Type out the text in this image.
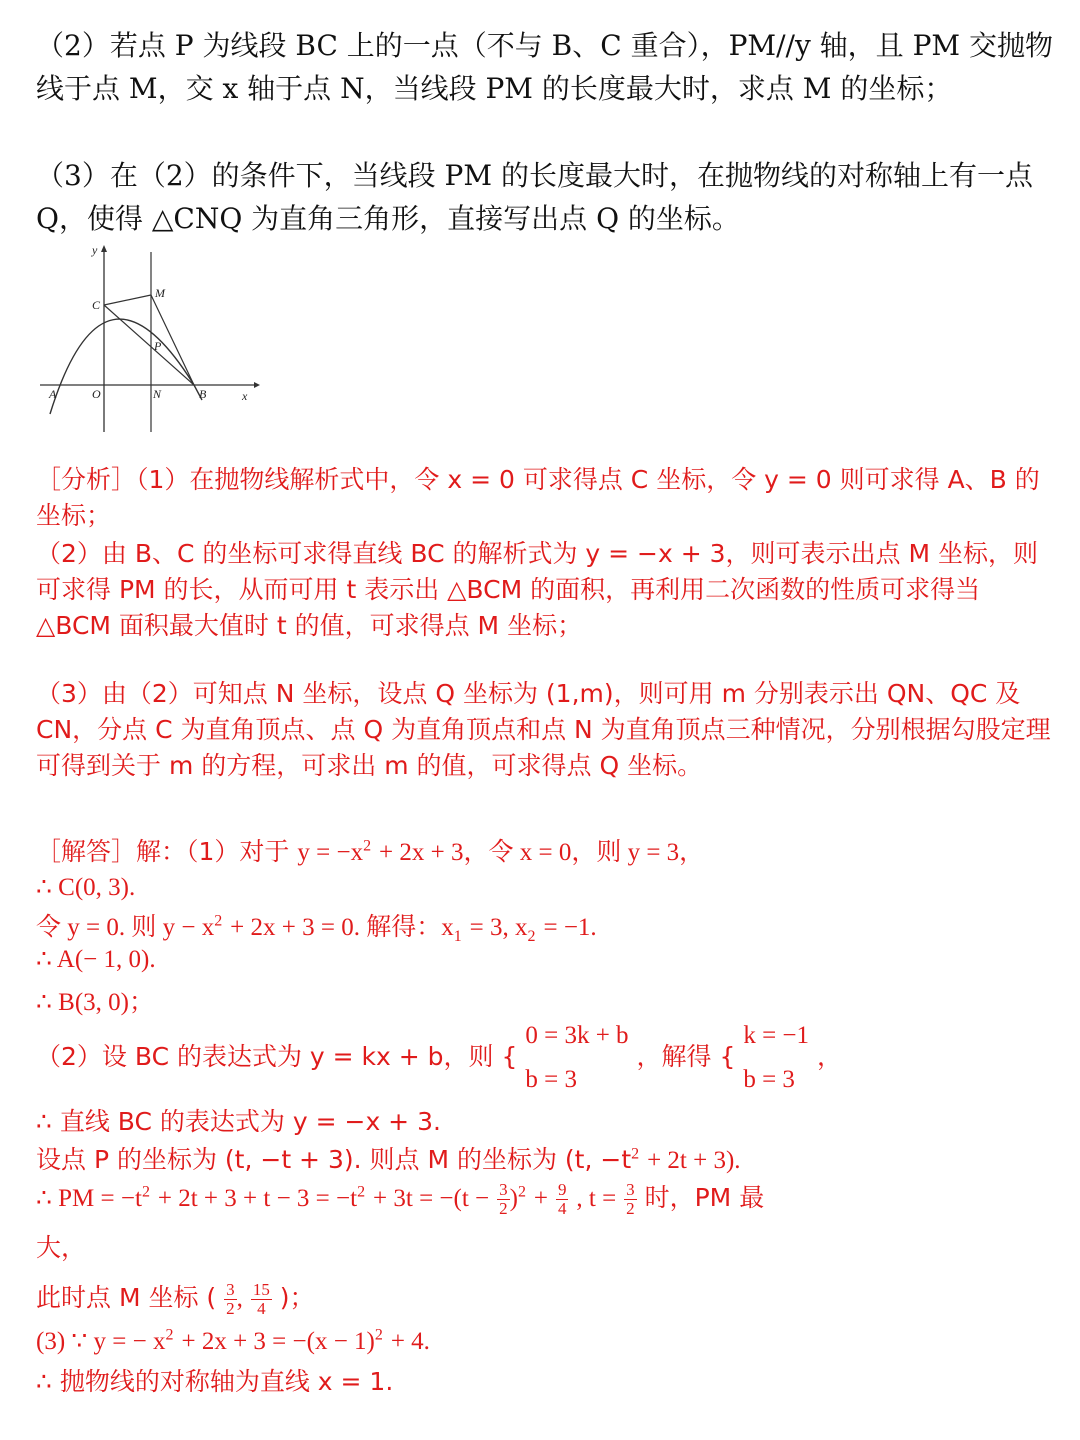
（2）若点 P 为线段 BC 上的一点（不与 B、C 重合），PM//y 轴，且 PM 交抛物线于点 M，交 x 轴于点 N，当线段 PM 的长度最大时，求点 M 的坐标；
（3）在（2）的条件下，当线段 PM 的长度最大时，在抛物线的对称轴上有一点 Q，使得 △CNQ 为直角三角形，直接写出点 Q 的坐标。
y
x
C
M
P
A	O	N	B
［分析］（1）在抛物线解析式中，令 x = 0 可求得点 C 坐标，令 y = 0 则可求得 A、B 的坐标；
（2）由 B、C 的坐标可求得直线 BC 的解析式为 y = −x + 3，则可表示出点 M 坐标，则可求得 PM 的长，从而可用 t 表示出 △BCM 的面积，再利用二次函数的性质可求得当 △BCM 面积最大值时 t 的值，可求得点 M 坐标；
（3）由（2）可知点 N 坐标，设点 Q 坐标为 (1,m)，则可用 m 分别表示出 QN、QC 及 CN，分点 C 为直角顶点、点 Q 为直角顶点和点 N 为直角顶点三种情况，分别根据勾股定理可得到关于 m 的方程，可求出 m 的值，可求得点 Q 坐标。
［解答］解：（1）对于 $y = -x^2 + 2x + 3$，令 x = 0，则 y = 3，
∴ C(0, 3).
令 y = 0. 则 $y - x^2 + 2x + 3 = 0$. 解得：$x_1 = 3$, $x_2 = -1$.
∴ A(− 1, 0).
∴ B(3, 0)；
（2）设 BC 的表达式为 y = kx + b，则 { 0 = 3k + b
b = 3 ，解得 { k = −1
b = 3 ，
∴ 直线 BC 的表达式为 y = −x + 3.
设点 P 的坐标为 (t, −t + 3). 则点 M 的坐标为 (t, $-t^2 + 2t + 3$).
∴ PM = $-t^2 + 2t + 3 + t - 3 = -t^2 + 3t = -(t - \frac{3}{2} )^2 + \frac{9}{4}$ , $t = \frac{3}{2}$ 时，PM 最
大，
此时点 M 坐标 ( $\frac{3}{2}$ , $\frac{15}{4}$ )；
(3) ∵ y = − $x^2 + 2x + 3 = -(x - 1)^2 + 4$.
∴ 抛物线的对称轴为直线 x = 1.
